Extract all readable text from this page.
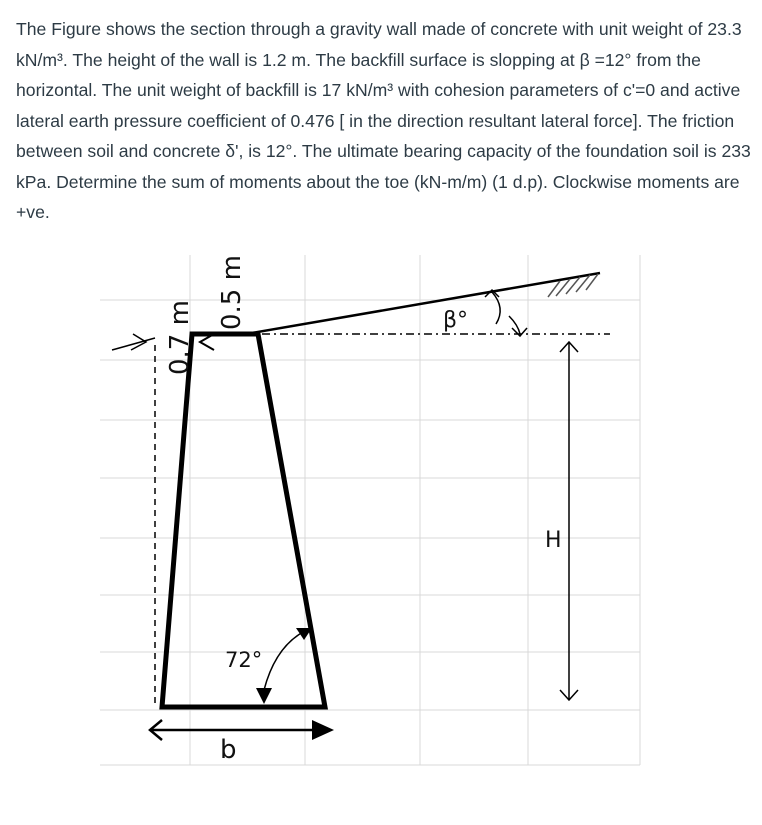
The Figure shows the section through a gravity wall made of concrete with unit weight of 23.3 kN/m³. The height of the wall is 1.2 m. The backfill surface is slopping at β =12° from the horizontal. The unit weight of backfill is 17 kN/m³ with cohesion parameters of c'=0 and active lateral earth pressure coefficient of 0.476 [ in the direction resultant lateral force]. The friction between soil and concrete δ', is 12°. The ultimate bearing capacity of the foundation soil is 233 kPa. Determine the sum of moments about the toe (kN-m/m) (1 d.p). Clockwise moments are +ve.

0.7 m
0.5 m	β°
72°
H
b
